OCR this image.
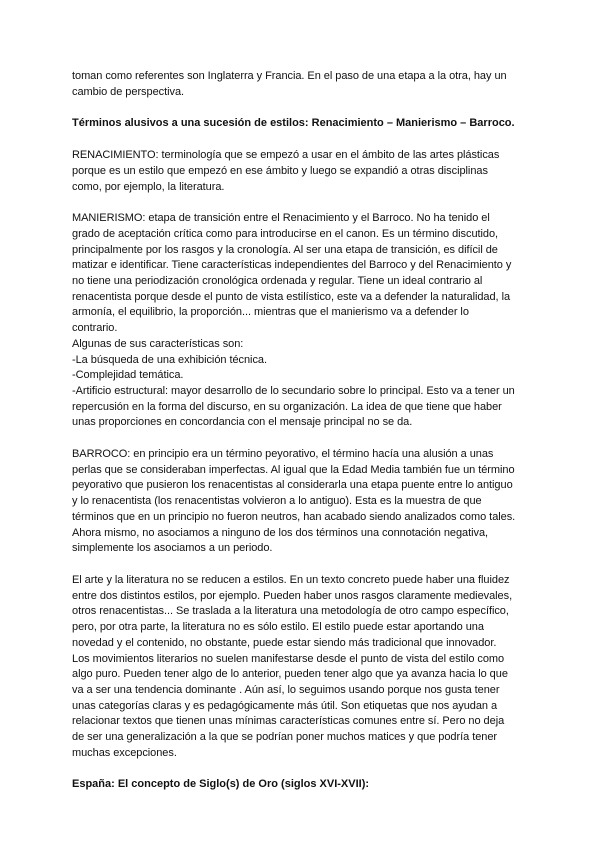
toman como referentes son Inglaterra y Francia. En el paso de una etapa a la otra, hay un
cambio de perspectiva.

Términos alusivos a una sucesión de estilos: Renacimiento – Manierismo – Barroco.

RENACIMIENTO: terminología que se empezó a usar en el ámbito de las artes plásticas
porque es un estilo que empezó en ese ámbito y luego se expandió a otras disciplinas
como, por ejemplo, la literatura.

MANIERISMO: etapa de transición entre el Renacimiento y el Barroco. No ha tenido el
grado de aceptación crítica como para introducirse en el canon. Es un término discutido,
principalmente por los rasgos y la cronología. Al ser una etapa de transición, es difícil de
matizar e identificar. Tiene características independientes del Barroco y del Renacimiento y
no tiene una periodización cronológica ordenada y regular. Tiene un ideal contrario al
renacentista porque desde el punto de vista estilístico, este va a defender la naturalidad, la
armonía, el equilibrio, la proporción... mientras que el manierismo va a defender lo
contrario.
Algunas de sus características son:
-La búsqueda de una exhibición técnica.
-Complejidad temática.
-Artificio estructural: mayor desarrollo de lo secundario sobre lo principal. Esto va a tener un
repercusión en la forma del discurso, en su organización. La idea de que tiene que haber
unas proporciones en concordancia con el mensaje principal no se da.

BARROCO: en principio era un término peyorativo, el término hacía una alusión a unas
perlas que se consideraban imperfectas. Al igual que la Edad Media también fue un término
peyorativo que pusieron los renacentistas al considerarla una etapa puente entre lo antiguo
y lo renacentista (los renacentistas volvieron a lo antiguo). Esta es la muestra de que
términos que en un principio no fueron neutros, han acabado siendo analizados como tales.
Ahora mismo, no asociamos a ninguno de los dos términos una connotación negativa,
simplemente los asociamos a un periodo.

El arte y la literatura no se reducen a estilos. En un texto concreto puede haber una fluidez
entre dos distintos estilos, por ejemplo. Pueden haber unos rasgos claramente medievales,
otros renacentistas... Se traslada a la literatura una metodología de otro campo específico,
pero, por otra parte, la literatura no es sólo estilo. El estilo puede estar aportando una
novedad y el contenido, no obstante, puede estar siendo más tradicional que innovador.
Los movimientos literarios no suelen manifestarse desde el punto de vista del estilo como
algo puro. Pueden tener algo de lo anterior, pueden tener algo que ya avanza hacia lo que
va a ser una tendencia dominante . Aún así, lo seguimos usando porque nos gusta tener
unas categorías claras y es pedagógicamente más útil. Son etiquetas que nos ayudan a
relacionar textos que tienen unas mínimas características comunes entre sí. Pero no deja
de ser una generalización a la que se podrían poner muchos matices y que podría tener
muchas excepciones.

España: El concepto de Siglo(s) de Oro (siglos XVI-XVII):
